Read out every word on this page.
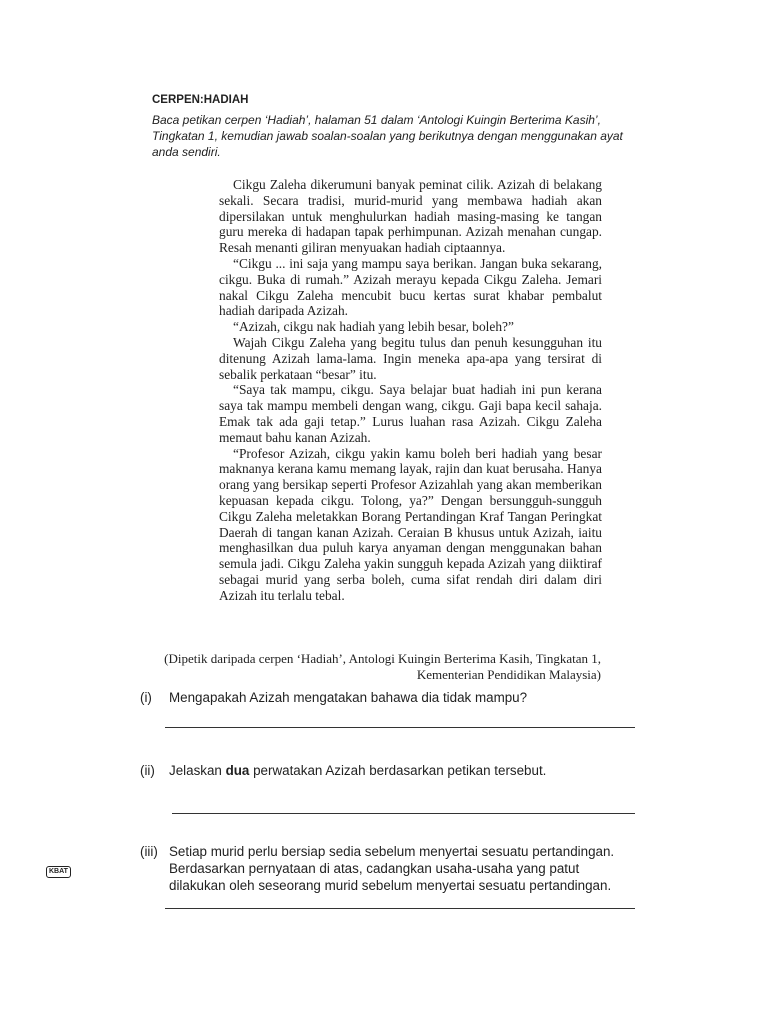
CERPEN:HADIAH
Baca petikan cerpen ‘Hadiah’, halaman 51 dalam ‘Antologi Kuingin Berterima Kasih’, Tingkatan 1, kemudian jawab soalan-soalan yang berikutnya dengan menggunakan ayat anda sendiri.

Cikgu Zaleha dikerumuni banyak peminat cilik. Azizah di belakang sekali. Secara tradisi, murid-murid yang membawa hadiah akan dipersilakan untuk menghulurkan hadiah masing-masing ke tangan guru mereka di hadapan tapak perhimpunan. Azizah menahan cungap. Resah menanti giliran menyuakan hadiah ciptaannya.

“Cikgu ... ini saja yang mampu saya berikan. Jangan buka sekarang, cikgu. Buka di rumah.” Azizah merayu kepada Cikgu Zaleha. Jemari nakal Cikgu Zaleha mencubit bucu kertas surat khabar pembalut hadiah daripada Azizah.

“Azizah, cikgu nak hadiah yang lebih besar, boleh?”

Wajah Cikgu Zaleha yang begitu tulus dan penuh kesungguhan itu ditenung Azizah lama-lama. Ingin meneka apa-apa yang tersirat di sebalik perkataan “besar” itu.

“Saya tak mampu, cikgu. Saya belajar buat hadiah ini pun kerana saya tak mampu membeli dengan wang, cikgu. Gaji bapa kecil sahaja. Emak tak ada gaji tetap.” Lurus luahan rasa Azizah. Cikgu Zaleha memaut bahu kanan Azizah.

“Profesor Azizah, cikgu yakin kamu boleh beri hadiah yang besar maknanya kerana kamu memang layak, rajin dan kuat berusaha. Hanya orang yang bersikap seperti Profesor Azizahlah yang akan memberikan kepuasan kepada cikgu. Tolong, ya?” Dengan bersungguh-sungguh Cikgu Zaleha meletakkan Borang Pertandingan Kraf Tangan Peringkat Daerah di tangan kanan Azizah. Ceraian B khusus untuk Azizah, iaitu menghasilkan dua puluh karya anyaman dengan menggunakan bahan semula jadi. Cikgu Zaleha yakin sungguh kepada Azizah yang diiktiraf sebagai murid yang serba boleh, cuma sifat rendah diri dalam diri Azizah itu terlalu tebal.

(Dipetik daripada cerpen ‘Hadiah’, Antologi Kuingin Berterima Kasih, Tingkatan 1,
Kementerian Pendidikan Malaysia)
(i) Mengapakah Azizah mengatakan bahawa dia tidak mampu?
(ii) Jelaskan dua perwatakan Azizah berdasarkan petikan tersebut.
KBAT
(iii) Setiap murid perlu bersiap sedia sebelum menyertai sesuatu pertandingan. Berdasarkan pernyataan di atas, cadangkan usaha-usaha yang patut dilakukan oleh seseorang murid sebelum menyertai sesuatu pertandingan.
